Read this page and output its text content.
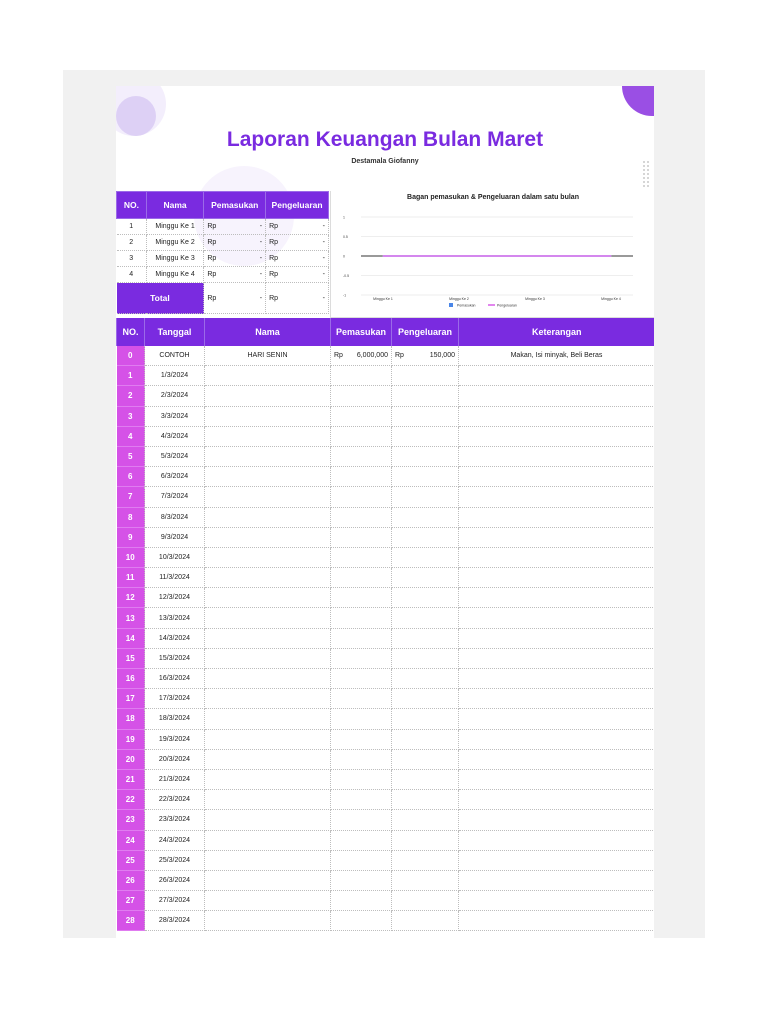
Laporan Keuangan Bulan Maret
Destamala Giofanny
NO.	Nama	Pemasukan	Pengeluaran
1	Minggu Ke 1	Rp -	Rp -

2	Minggu Ke 2	Rp -	Rp -

3	Minggu Ke 3	Rp -	Rp -

4	Minggu Ke 4	Rp -	Rp -

Total		Rp -	Rp -
Bagan pemasukan & Pengeluaran dalam satu bulan
1
0.5
0
-0.5
-1
Minggu Ke 1	Minggu Ke 2	Minggu Ke 3	Minggu Ke 4
Pemasukan	Pengeluaran
NO.	Tanggal	Nama	Pemasukan	Pengeluaran	Keterangan
0	CONTOH	HARI SENIN	Rp 6,000,000	Rp 150,000	Makan, Isi minyak, Beli Beras
1	1/3/2024				
2	2/3/2024				
3	3/3/2024				
4	4/3/2024				
5	5/3/2024				
6	6/3/2024				
7	7/3/2024				
8	8/3/2024				
9	9/3/2024				
10	10/3/2024				
11	11/3/2024				
12	12/3/2024				
13	13/3/2024				
14	14/3/2024				
15	15/3/2024				
16	16/3/2024				
17	17/3/2024				
18	18/3/2024				
19	19/3/2024				
20	20/3/2024				
21	21/3/2024				
22	22/3/2024				
23	23/3/2024				
24	24/3/2024				
25	25/3/2024				
26	26/3/2024				
27	27/3/2024				
28	28/3/2024				
